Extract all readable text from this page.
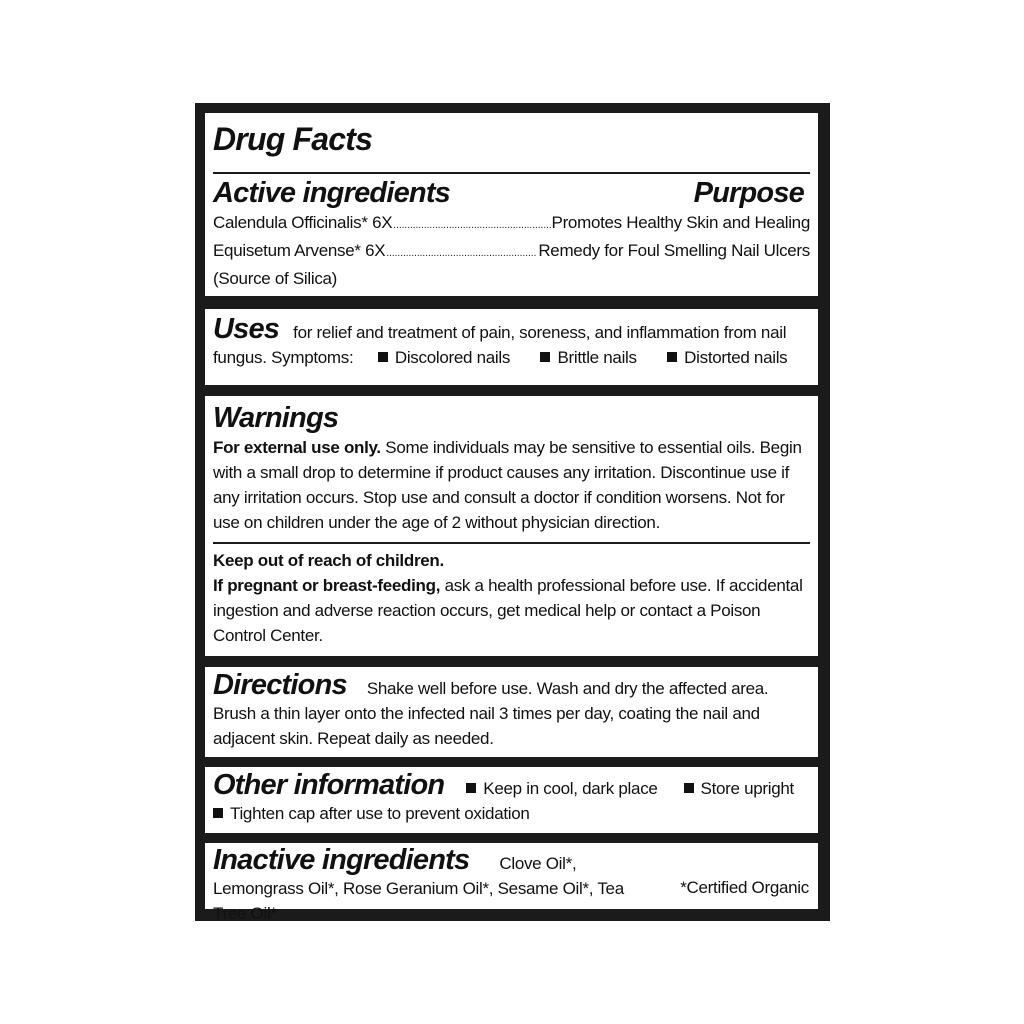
Drug Facts
Active ingredients	Purpose
Calendula Officinalis* 6X .....	Promotes Healthy Skin and Healing
Equisetum Arvense* 6X .....	Remedy for Foul Smelling Nail Ulcers
(Source of Silica)
Uses for relief and treatment of pain, soreness, and inflammation from nail fungus. Symptoms: Discolored nails	Brittle nails	Distorted nails
Warnings
For external use only. Some individuals may be sensitive to essential oils. Begin with a small drop to determine if product causes any irritation. Discontinue use if any irritation occurs. Stop use and consult a doctor if condition worsens. Not for use on children under the age of 2 without physician direction.
Keep out of reach of children.
If pregnant or breast-feeding, ask a health professional before use. If accidental ingestion and adverse reaction occurs, get medical help or contact a Poison Control Center.
Directions Shake well before use. Wash and dry the affected area. Brush a thin layer onto the infected nail 3 times per day, coating the nail and adjacent skin. Repeat daily as needed.
Other information Keep in cool, dark place	Store upright
Tighten cap after use to prevent oxidation
Inactive ingredients Clove Oil*, Lemongrass Oil*, Rose Geranium Oil*, Sesame Oil*, Tea Tree Oil*
*Certified Organic
